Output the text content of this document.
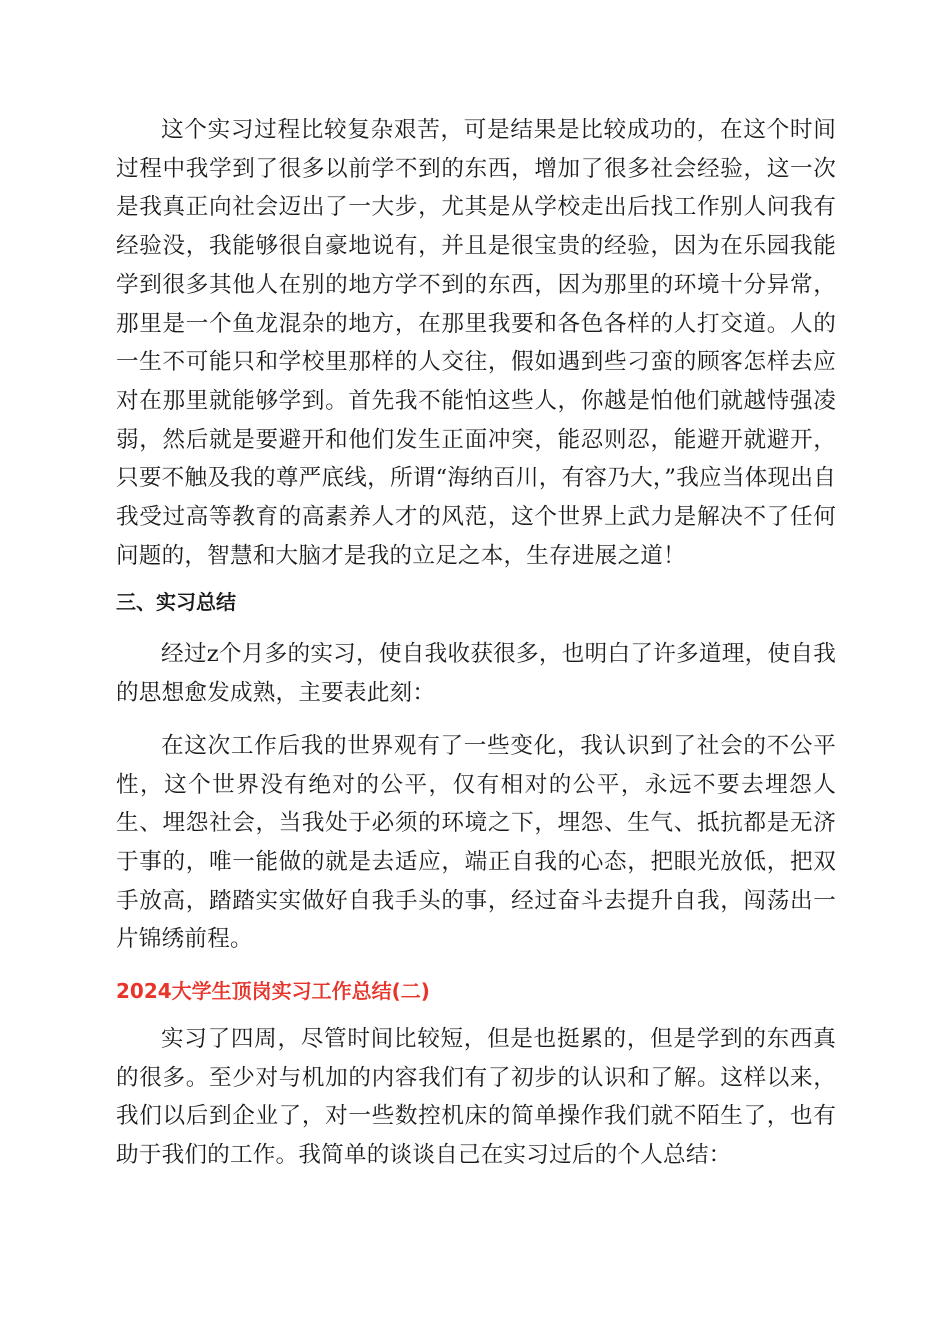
这个实习过程比较复杂艰苦，可是结果是比较成功的，在这个时间过程中我学到了很多以前学不到的东西，增加了很多社会经验，这一次是我真正向社会迈出了一大步，尤其是从学校走出后找工作别人问我有经验没，我能够很自豪地说有，并且是很宝贵的经验，因为在乐园我能学到很多其他人在别的地方学不到的东西，因为那里的环境十分异常，那里是一个鱼龙混杂的地方，在那里我要和各色各样的人打交道。人的一生不可能只和学校里那样的人交往，假如遇到些刁蛮的顾客怎样去应对在那里就能够学到。首先我不能怕这些人，你越是怕他们就越恃强凌弱，然后就是要避开和他们发生正面冲突，能忍则忍，能避开就避开，只要不触及我的尊严底线，所谓“海纳百川，有容乃大，”我应当体现出自我受过高等教育的高素养人才的风范，这个世界上武力是解决不了任何问题的，智慧和大脑才是我的立足之本，生存进展之道！

三、实习总结

经过z个月多的实习，使自我收获很多，也明白了许多道理，使自我的思想愈发成熟，主要表此刻：

在这次工作后我的世界观有了一些变化，我认识到了社会的不公平性，这个世界没有绝对的公平，仅有相对的公平，永远不要去埋怨人生、埋怨社会，当我处于必须的环境之下，埋怨、生气、抵抗都是无济于事的，唯一能做的就是去适应，端正自我的心态，把眼光放低，把双手放高，踏踏实实做好自我手头的事，经过奋斗去提升自我，闯荡出一片锦绣前程。

2024大学生顶岗实习工作总结(二)

实习了四周，尽管时间比较短，但是也挺累的，但是学到的东西真的很多。至少对与机加的内容我们有了初步的认识和了解。这样以来，我们以后到企业了，对一些数控机床的简单操作我们就不陌生了，也有助于我们的工作。我简单的谈谈自己在实习过后的个人总结：
